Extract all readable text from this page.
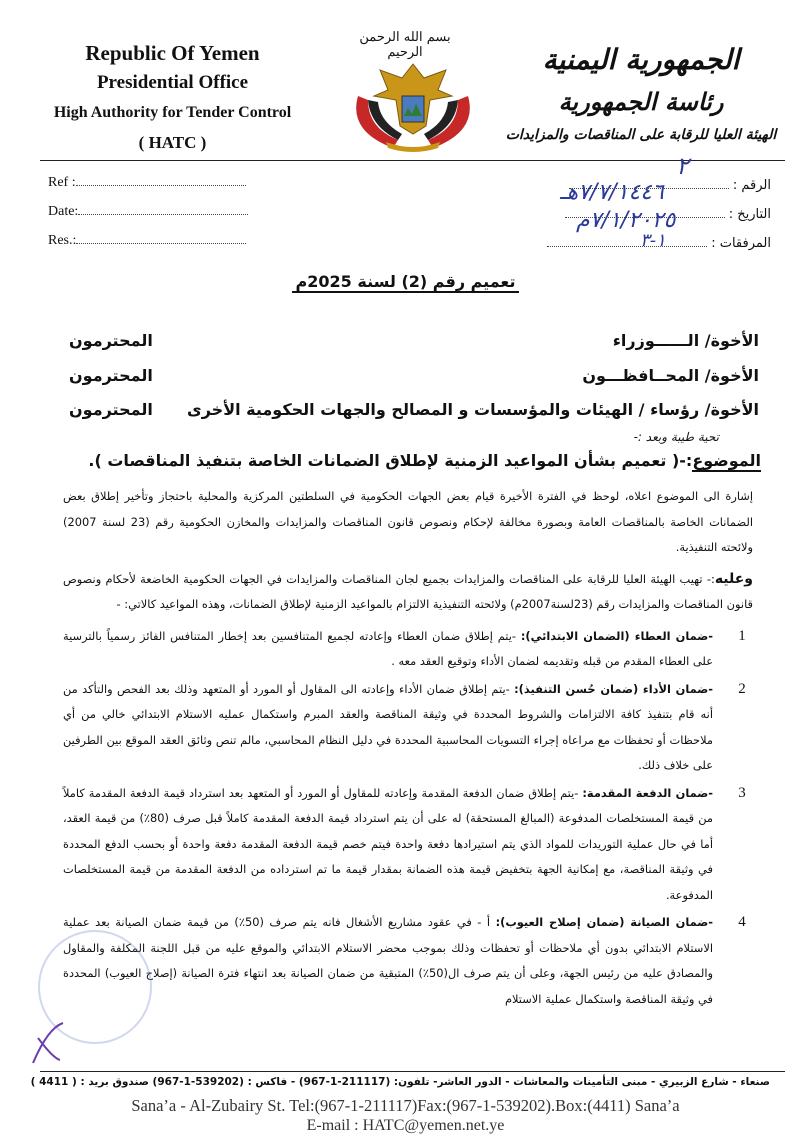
Republic Of Yemen
Presidential Office
High Authority for Tender Control
( HATC )
بسم الله الرحمن الرحيم	الجمهورية اليمنية
رئاسة الجمهورية
الهيئة العليا للرقابة على المناقصات والمزايدات
Ref :
Date:
Res.:
الرقم :
التاريخ :
المرفقات :
٢
٧/٧/١٤٤٦هـ
٧/١/٢٠٢٥م
١-٣
تعميم رقم (2) لسنة 2025م
الأخوة/ الــــــوزراء
المحترمون
الأخوة/ المحــافظـــون
المحترمون
الأخوة/ رؤساء / الهيئات والمؤسسات و المصالح والجهات الحكومية الأخرى
المحترمون
تحية طيبة وبعد :-
الموضوع:-( تعميم بشأن المواعيد الزمنية لإطلاق الضمانات الخاصة بتنفيذ المناقصات ).

إشارة الى الموضوع اعلاه، لوحظ في الفترة الأخيرة قيام بعض الجهات الحكومية في السلطتين المركزية والمحلية باحتجاز وتأخير إطلاق بعض الضمانات الخاصة بالمناقصات العامة وبصورة مخالفة لإحكام ونصوص قانون المناقصات والمزايدات والمخازن الحكومية رقم (23 لسنة 2007) ولائحته التنفيذية.

وعليه:- تهيب الهيئة العليا للرقابة على المناقصات والمزايدات بجميع لجان المناقصات والمزايدات في الجهات الحكومية الخاضعة لأحكام ونصوص قانون المناقصات والمزايدات رقم (23لسنة2007م) ولائحته التنفيذية الالتزام بالمواعيد الزمنية لإطلاق الضمانات، وهذه المواعيد كالاتي: -

1
-ضمان العطاء (الضمان الابتدائي): -يتم إطلاق ضمان العطاء وإعادته لجميع المتنافسين بعد إخطار المتنافس الفائز رسمياً بالترسية على العطاء المقدم من قبله وتقديمه لضمان الأداء وتوقيع العقد معه .
2
-ضمان الأداء (ضمان حُسن التنفيذ): -يتم إطلاق ضمان الأداء وإعادته الى المقاول أو المورد أو المتعهد وذلك بعد الفحص والتأكد من أنه قام بتنفيذ كافة الالتزامات والشروط المحددة في وثيقة المناقصة والعقد المبرم واستكمال عمليه الاستلام الابتدائي خالي من أي ملاحظات أو تحفظات مع مراعاه إجراء التسويات المحاسبية المحددة في دليل النظام المحاسبي، مالم تنص وثائق العقد الموقع بين الطرفين على خلاف ذلك.
3
-ضمان الدفعة المقدمة: -يتم إطلاق ضمان الدفعة المقدمة وإعادته للمقاول أو المورد أو المتعهد بعد استرداد قيمة الدفعة المقدمة كاملاً من قيمة المستخلصات المدفوعة (المبالغ المستحقة) له على أن يتم استرداد قيمة الدفعة المقدمة كاملاً قبل صرف (80٪) من قيمة العقد، أما في حال عملية التوريدات للمواد الذي يتم استيرادها دفعة واحدة فيتم خصم قيمة الدفعة المقدمة دفعة واحدة أو بحسب الدفع المحددة في وثيقة المناقصة، مع إمكانية الجهة بتخفيض قيمة هذه الضمانة بمقدار قيمة ما تم استرداده من الدفعة المقدمة من قيمة المستخلصات المدفوعة.
4
-ضمان الصيانة (ضمان إصلاح العيوب): أ - في عقود مشاريع الأشغال فانه يتم صرف (50٪) من قيمة ضمان الصيانة بعد عملية الاستلام الابتدائي بدون أي ملاحظات أو تحفظات وذلك بموجب محضر الاستلام الابتدائي والموقع عليه من قبل اللجنة المكلفة والمقاول والمصادق عليه من رئيس الجهة، وعلى أن يتم صرف ال(50٪) المتبقية من ضمان الصيانة بعد انتهاء فترة الصيانة (إصلاح العيوب) المحددة في وثيقة المناقصة واستكمال عملية الاستلام
صنعاء - شارع الزبيري - مبنى التأمينات والمعاشات - الدور العاشر- تلفون: (211117-1-967) - فاكس : (539202-1-967) صندوق بريد : ( 4411 )
Sana’a - Al-Zubairy St. Tel:(967-1-211117)Fax:(967-1-539202).Box:(4411) Sana’a
E-mail : HATC@yemen.net.ye
